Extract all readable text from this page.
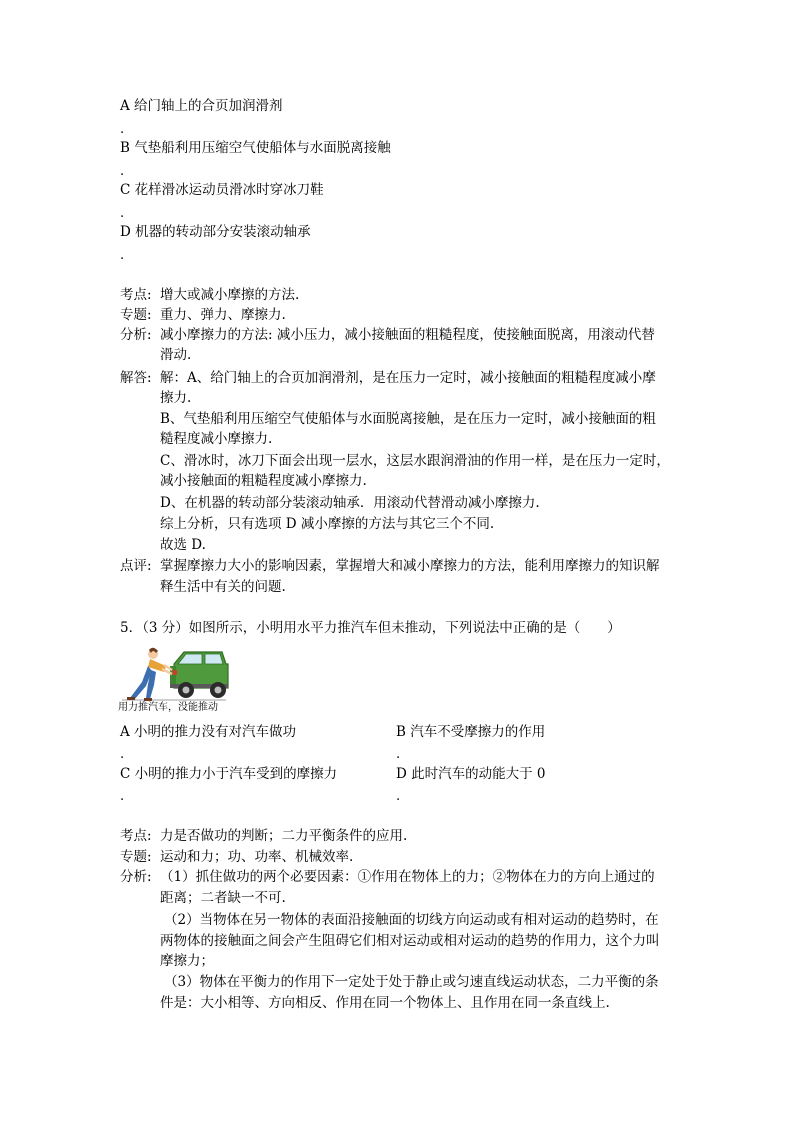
A 给门轴上的合页加润滑剂
.
B 气垫船利用压缩空气使船体与水面脱离接触
.
C 花样滑冰运动员滑冰时穿冰刀鞋
.
D 机器的转动部分安装滚动轴承
.
考点: 增大或减小摩擦的方法.
专题: 重力、弹力、摩擦力.
分析: 减小摩擦力的方法: 减小压力，减小接触面的粗糙程度，使接触面脱离，用滚动代替
滑动.
解答: 解：A、给门轴上的合页加润滑剂，是在压力一定时，减小接触面的粗糙程度减小摩
擦力.
B、气垫船利用压缩空气使船体与水面脱离接触，是在压力一定时，减小接触面的粗
糙程度减小摩擦力.
C、滑冰时，冰刀下面会出现一层水，这层水跟润滑油的作用一样，是在压力一定时，
减小接触面的粗糙程度减小摩擦力.
D、在机器的转动部分装滚动轴承．用滚动代替滑动减小摩擦力.
综上分析，只有选项 D 减小摩擦的方法与其它三个不同.
故选 D.
点评: 掌握摩擦力大小的影响因素，掌握增大和减小摩擦力的方法，能利用摩擦力的知识解
释生活中有关的问题.
5．（3 分）如图所示，小明用水平力推汽车但未推动，下列说法中正确的是（　　）
用力推汽车，没能推动
A 小明的推力没有对汽车做功
.
B 汽车不受摩擦力的作用
.
C 小明的推力小于汽车受到的摩擦力
.
D 此时汽车的动能大于 0
.
考点: 力是否做功的判断；二力平衡条件的应用.
专题: 运动和力；功、功率、机械效率.
分析: （1）抓住做功的两个必要因素：①作用在物体上的力；②物体在力的方向上通过的
距离；二者缺一不可.
（2）当物体在另一物体的表面沿接触面的切线方向运动或有相对运动的趋势时，在
两物体的接触面之间会产生阻碍它们相对运动或相对运动的趋势的作用力，这个力叫
摩擦力；
（3）物体在平衡力的作用下一定处于处于静止或匀速直线运动状态，二力平衡的条
件是：大小相等、方向相反、作用在同一个物体上、且作用在同一条直线上.
